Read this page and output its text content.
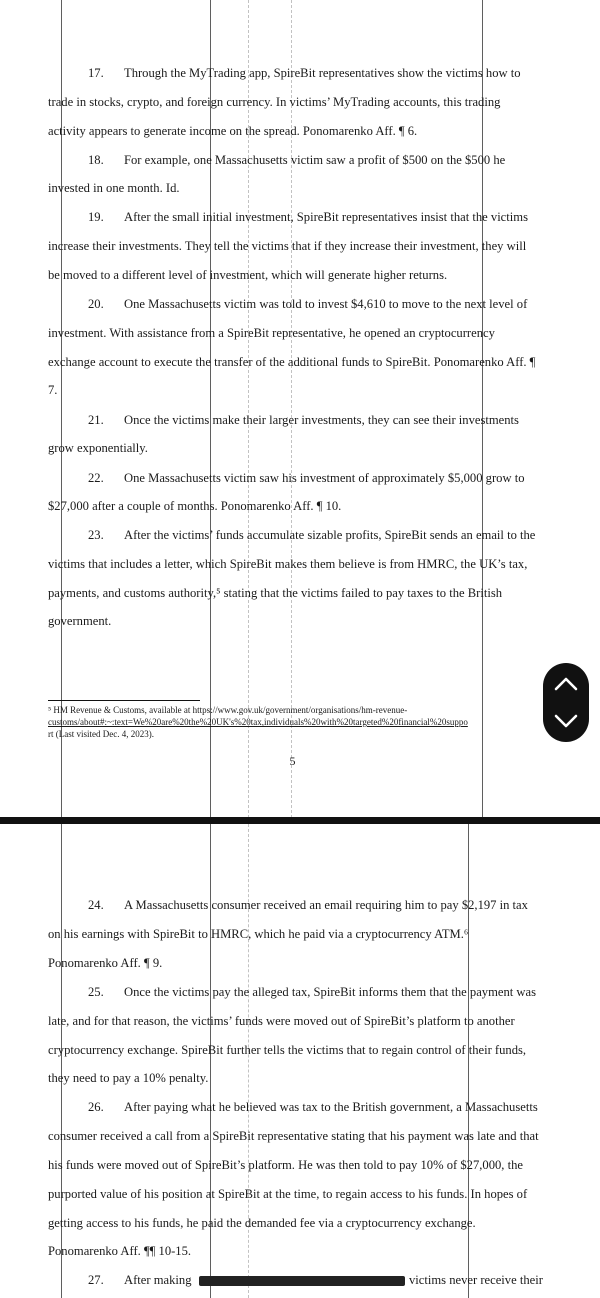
17. Through the MyTrading app, SpireBit representatives show the victims how to

trade in stocks, crypto, and foreign currency. In victims’ MyTrading accounts, this trading

activity appears to generate income on the spread. Ponomarenko Aff. ¶ 6.

18. For example, one Massachusetts victim saw a profit of $500 on the $500 he

invested in one month. Id.

19. After the small initial investment, SpireBit representatives insist that the victims

increase their investments. They tell the victims that if they increase their investment, they will

be moved to a different level of investment, which will generate higher returns.

20. One Massachusetts victim was told to invest $4,610 to move to the next level of

investment. With assistance from a SpireBit representative, he opened an cryptocurrency

exchange account to execute the transfer of the additional funds to SpireBit. Ponomarenko Aff. ¶

7.

21. Once the victims make their larger investments, they can see their investments

grow exponentially.

22. One Massachusetts victim saw his investment of approximately $5,000 grow to

$27,000 after a couple of months. Ponomarenko Aff. ¶ 10.

23. After the victims’ funds accumulate sizable profits, SpireBit sends an email to the

victims that includes a letter, which SpireBit makes them believe is from HMRC, the UK’s tax,

payments, and customs authority,⁵ stating that the victims failed to pay taxes to the British

government.

⁵ HM Revenue & Customs, available at https://www.gov.uk/government/organisations/hm-revenue-
customs/about#:~:text=We%20are%20the%20UK's%20tax,individuals%20with%20targeted%20financial%20suppo
rt (Last visited Dec. 4, 2023).
5

24. A Massachusetts consumer received an email requiring him to pay $2,197 in tax

on his earnings with SpireBit to HMRC, which he paid via a cryptocurrency ATM.⁶

Ponomarenko Aff. ¶ 9.

25. Once the victims pay the alleged tax, SpireBit informs them that the payment was

late, and for that reason, the victims’ funds were moved out of SpireBit’s platform to another

cryptocurrency exchange. SpireBit further tells the victims that to regain control of their funds,

they need to pay a 10% penalty.

26. After paying what he believed was tax to the British government, a Massachusetts

consumer received a call from a SpireBit representative stating that his payment was late and that

his funds were moved out of SpireBit’s platform. He was then told to pay 10% of $27,000, the

purported value of his position at SpireBit at the time, to regain access to his funds. In hopes of

getting access to his funds, he paid the demanded fee via a cryptocurrency exchange.

Ponomarenko Aff. ¶¶ 10-15.

27. After making	victims never receive their
